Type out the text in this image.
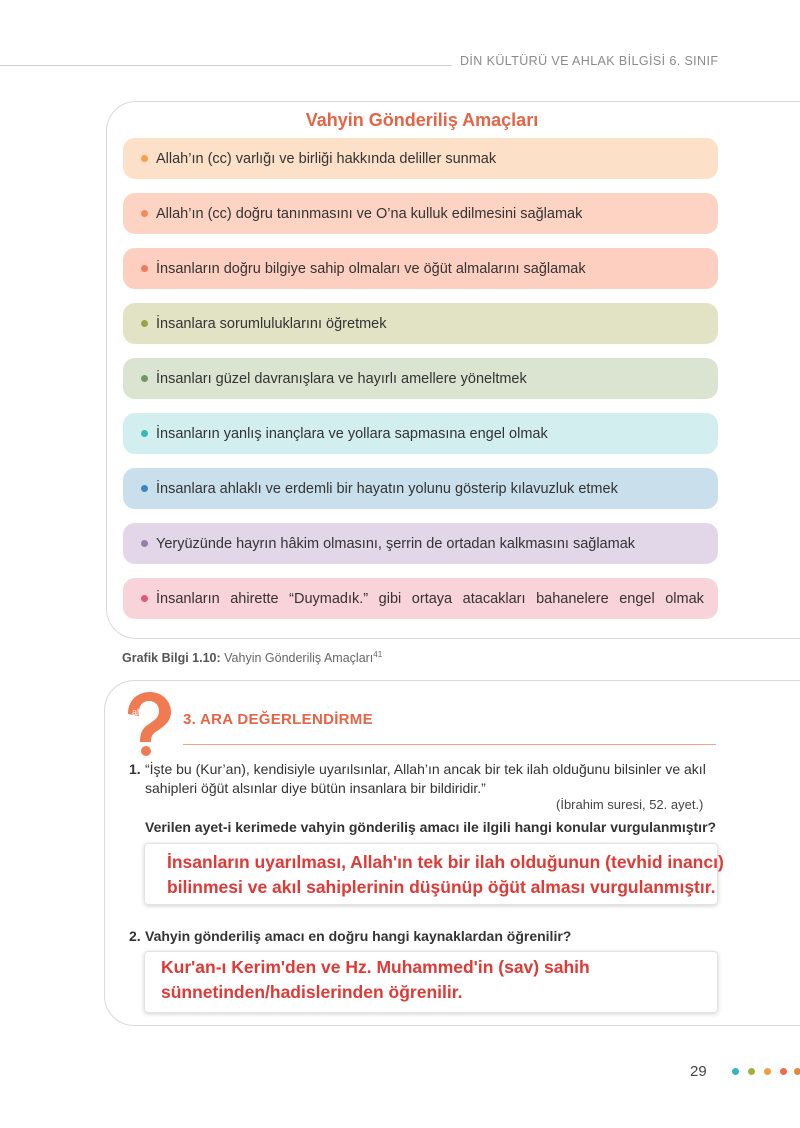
DİN KÜLTÜRÜ VE AHLAK BİLGİSİ 6. SINIF
Vahyin Gönderiliş Amaçları
Allah’ın (cc) varlığı ve birliği hakkında deliller sunmak
Allah’ın (cc) doğru tanınmasını ve O’na kulluk edilmesini sağlamak
İnsanların doğru bilgiye sahip olmaları ve öğüt almalarını sağlamak
İnsanlara sorumluluklarını öğretmek
İnsanları güzel davranışlara ve hayırlı amellere yöneltmek
İnsanların yanlış inançlara ve yollara sapmasına engel olmak
İnsanlara ahlaklı ve erdemli bir hayatın yolunu gösterip kılavuzluk etmek
Yeryüzünde hayrın hâkim olmasını, şerrin de ortadan kalkmasını sağlamak
İnsanların ahirette “Duymadık.” gibi ortaya atacakları bahanelere engel olmak
Grafik Bilgi 1.10: Vahyin Gönderiliş Amaçları$^{41}$
abc 3. ARA DEĞERLENDİRME
1. “İşte bu (Kur’an), kendisiyle uyarılsınlar, Allah’ın ancak bir tek ilah olduğunu bilsinler ve akıl sahipleri öğüt alsınlar diye bütün insanlara bir bildiridir.”
(İbrahim suresi, 52. ayet.)
Verilen ayet-i kerimede vahyin gönderiliş amacı ile ilgili hangi konular vurgulanmıştır?
İnsanların uyarılması, Allah'ın tek bir ilah olduğunun (tevhid inancı)
bilinmesi ve akıl sahiplerinin düşünüp öğüt alması vurgulanmıştır.
2. Vahyin gönderiliş amacı en doğru hangi kaynaklardan öğrenilir?
Kur'an-ı Kerim'den ve Hz. Muhammed'in (sav) sahih
sünnetinden/hadislerinden öğrenilir.
29
